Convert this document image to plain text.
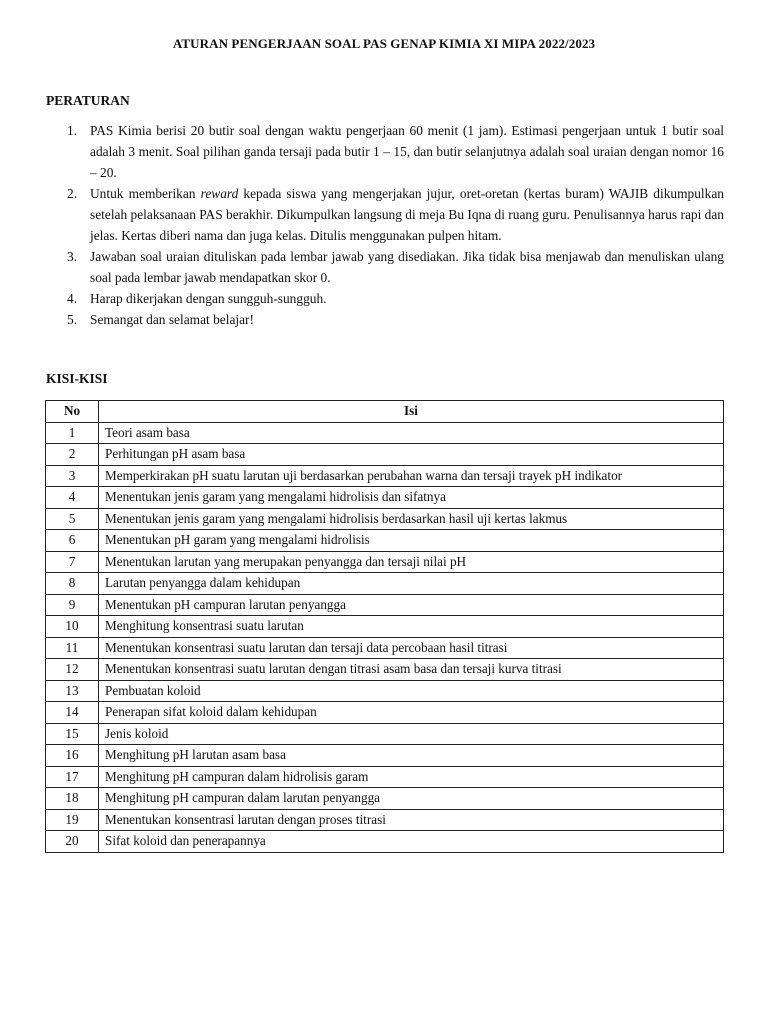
ATURAN PENGERJAAN SOAL PAS GENAP KIMIA XI MIPA 2022/2023
PERATURAN
1. PAS Kimia berisi 20 butir soal dengan waktu pengerjaan 60 menit (1 jam). Estimasi pengerjaan untuk 1 butir soal adalah 3 menit. Soal pilihan ganda tersaji pada butir 1 – 15, dan butir selanjutnya adalah soal uraian dengan nomor 16 – 20.
2. Untuk memberikan reward kepada siswa yang mengerjakan jujur, oret-oretan (kertas buram) WAJIB dikumpulkan setelah pelaksanaan PAS berakhir. Dikumpulkan langsung di meja Bu Iqna di ruang guru. Penulisannya harus rapi dan jelas. Kertas diberi nama dan juga kelas. Ditulis menggunakan pulpen hitam.
3. Jawaban soal uraian dituliskan pada lembar jawab yang disediakan. Jika tidak bisa menjawab dan menuliskan ulang soal pada lembar jawab mendapatkan skor 0.
4. Harap dikerjakan dengan sungguh-sungguh.
5. Semangat dan selamat belajar!
KISI-KISI
No	Isi
1	Teori asam basa
2	Perhitungan pH asam basa
3	Memperkirakan pH suatu larutan uji berdasarkan perubahan warna dan tersaji trayek pH indikator
4	Menentukan jenis garam yang mengalami hidrolisis dan sifatnya
5	Menentukan jenis garam yang mengalami hidrolisis berdasarkan hasil uji kertas lakmus
6	Menentukan pH garam yang mengalami hidrolisis
7	Menentukan larutan yang merupakan penyangga dan tersaji nilai pH
8	Larutan penyangga dalam kehidupan
9	Menentukan pH campuran larutan penyangga
10	Menghitung konsentrasi suatu larutan
11	Menentukan konsentrasi suatu larutan dan tersaji data percobaan hasil titrasi
12	Menentukan konsentrasi suatu larutan dengan titrasi asam basa dan tersaji kurva titrasi
13	Pembuatan koloid
14	Penerapan sifat koloid dalam kehidupan
15	Jenis koloid
16	Menghitung pH larutan asam basa
17	Menghitung pH campuran dalam hidrolisis garam
18	Menghitung pH campuran dalam larutan penyangga
19	Menentukan konsentrasi larutan dengan proses titrasi
20	Sifat koloid dan penerapannya
